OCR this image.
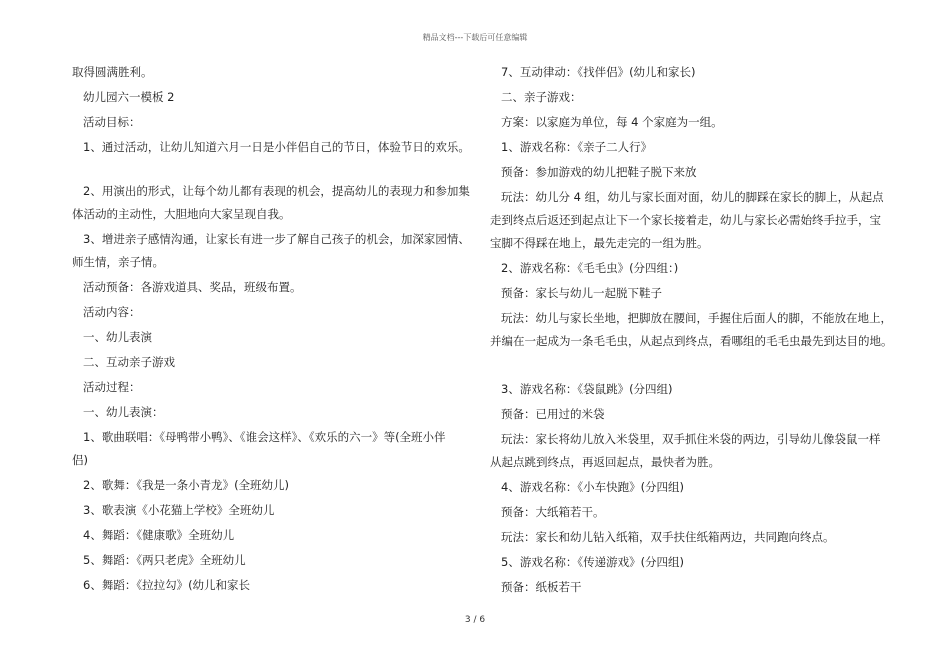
精品文档---下载后可任意编辑
取得圆满胜利。
幼儿园六一模板 2
活动目标：
1、通过活动，让幼儿知道六月一日是小伴侣自己的节日，体验节日的欢乐。
2、用演出的形式，让每个幼儿都有表现的机会，提高幼儿的表现力和参加集
体活动的主动性，大胆地向大家呈现自我。
3、增进亲子感情沟通，让家长有进一步了解自己孩子的机会，加深家园情、
师生情，亲子情。
活动预备：各游戏道具、奖品，班级布置。
活动内容：
一、幼儿表演
二、互动亲子游戏
活动过程：
一、幼儿表演：
1、歌曲联唱：《母鸭带小鸭》、《谁会这样》、《欢乐的六一》等(全班小伴
侣)
2、歌舞：《我是一条小青龙》(全班幼儿)
3、歌表演《小花猫上学校》全班幼儿
4、舞蹈：《健康歌》全班幼儿
5、舞蹈：《两只老虎》全班幼儿
6、舞蹈：《拉拉勾》(幼儿和家长
7、互动律动：《找伴侣》(幼儿和家长)
二、亲子游戏：
方案：以家庭为单位，每 4 个家庭为一组。
1、游戏名称：《亲子二人行》
预备：参加游戏的幼儿把鞋子脱下来放
玩法：幼儿分 4 组，幼儿与家长面对面，幼儿的脚踩在家长的脚上，从起点
走到终点后返还到起点让下一个家长接着走，幼儿与家长必需始终手拉手，宝
宝脚不得踩在地上，最先走完的一组为胜。
2、游戏名称：《毛毛虫》(分四组：)
预备：家长与幼儿一起脱下鞋子
玩法：幼儿与家长坐地，把脚放在腰间，手握住后面人的脚，不能放在地上，
并编在一起成为一条毛毛虫，从起点到终点，看哪组的毛毛虫最先到达目的地。
3、游戏名称：《袋鼠跳》(分四组)
预备：已用过的米袋
玩法：家长将幼儿放入米袋里，双手抓住米袋的两边，引导幼儿像袋鼠一样
从起点跳到终点，再返回起点，最快者为胜。
4、游戏名称：《小车快跑》(分四组)
预备：大纸箱若干。
玩法：家长和幼儿钻入纸箱，双手扶住纸箱两边，共同跑向终点。
5、游戏名称：《传递游戏》(分四组)
预备：纸板若干
3 / 6
